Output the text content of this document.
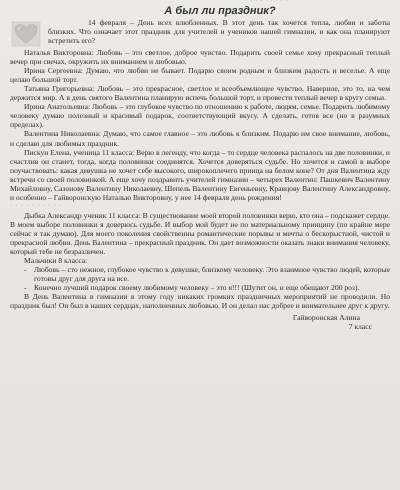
· · · · · · · ·
А был ли праздник?
14 февраля – День всех влюбленных. В этот день так хочется тепла, любви и заботы близких. Что означает этот праздник для учителей и учеников нашей гимназии, и как она планируют встретить его?

Наталья Викторовна: Любовь – это светлое, доброе чувство. Подарить своей семье хочу прекрасный теплый вечер при свечах, окружить их вниманием и любовью.

Ирина Сергеевна: Думаю, что любви не бывает. Подарю своим родным и близким радость и веселье. А еще целаю большой торт.

Татьяна Григорьевна: Любовь – это прекрасное, светлое и всеобъемлющее чувство. Наверное, это то, на чем держится мир. А в день святого Валентина планирую испечь большой торт, и провести теплый вечер в кругу семьи.

Ирина Анатольевна: Любовь – это глубокое чувство по отношению к работе, людям, семье. Подарить любимому человеку думаю полезный и красивый подарок, соответствующий вкусу. А сделать, готов все (но в разумных пределах).

Валентина Николаевна: Думаю, что самое главное – это любовь к близким. Подарю им свое внимание, любовь, и сделаю для любимых праздник.

Пискун Елена, ученица 11 класса: Верю в легенду, что когда – то сердце человека распалось на две половинки, и счастлив он станет, тогда, когда половинки соединятся. Хочется доверяться судьбе. Но хочется и самой в выборе поучаствовать: какая девушка не хочет себе высокого, широкоплечего принца на белом коне? От дня Валентина жду встречи со своей половинкой. А еще хочу поздравить учителей гимназии – четырех Валентин: Пашкевич Валентину Михайловну, Сазонову Валентину Николаевну, Шепель Валентину Евгеньевну, Кравцову Валентину Александровну, и особенно – Гайворонскую Наталью Викторовну, у нее 14 февраля день рождения!

· · · · · · · · · ·

Дыбка Александр ученик 11 класса: В существование моей второй половинки верю, кто она – подскажет сердце. В моем выборе половинки я доверюсь судьбе. И выбор мой будет не по материальному принципу (по крайне мере сейчас я так думаю). Для моего поколения свойственны романтические порывы и мечты о бескорыстной, чистой и прекрасной любви. День Валентина – прекрасный праздник. Он дает возможности оказать знаки внимания человеку, который тебе не безразличен.

Мальчики 8 класса:

- Любовь – сто нежное, глубокое чувство к девушке, близкому человеку. Это взаимное чувство людей, которые готовы друг для друга на все.
- Конечно лучший подарок своему любимому человеку – это я!!! (Шутит он, и еще обещают 200 роз).

В День Валентина в гимназии в этому году никаких громких праздничных мероприятий не проводили. Но праздник был! Он был в наших сердцах, наполненных любовью. И он делал нас добрее и внимательнее друг к другу.

Гайворонская Алина
7 класс
